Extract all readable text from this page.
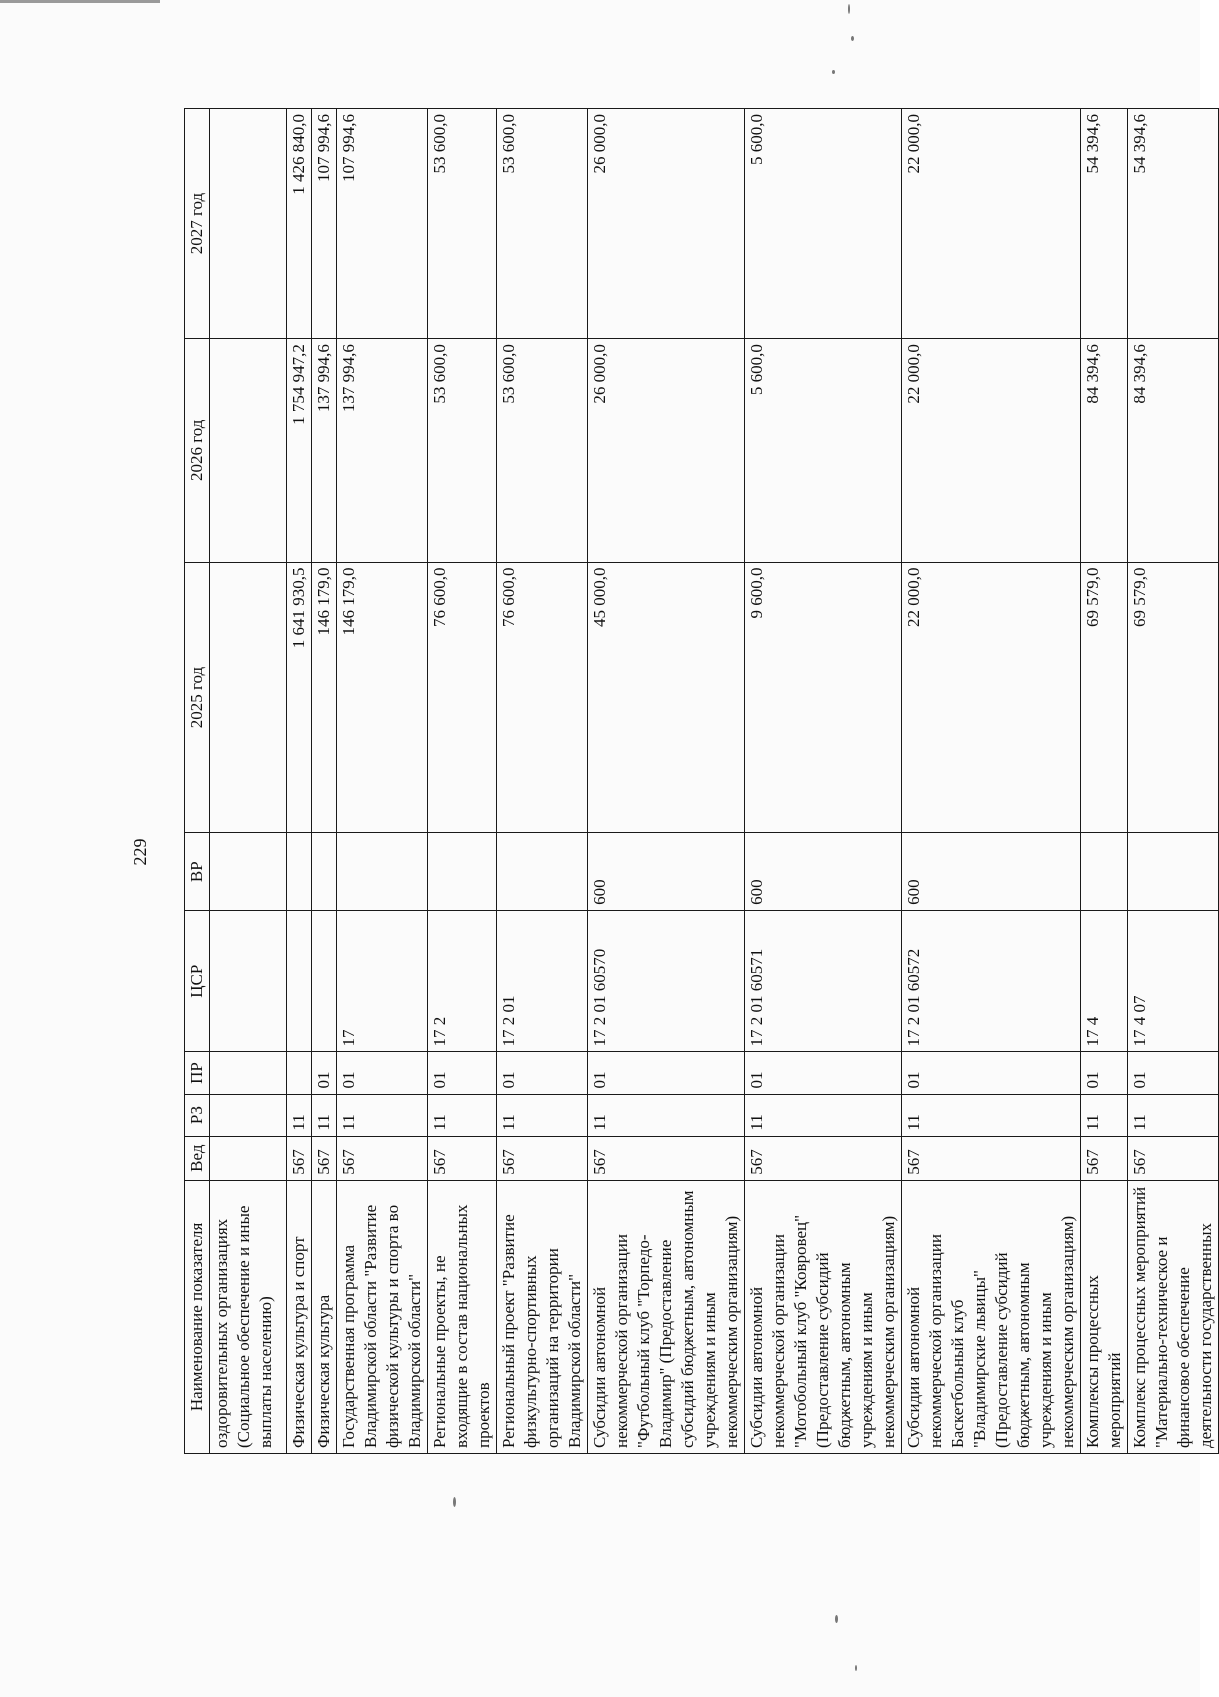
229
Наименование показателя	Вед	РЗ	ПР	ЦСР	ВР	2025 год	2026 год	2027 год
оздоровительных организациях (Социальное обеспечение и иные выплаты населению)								
Физическая культура и спорт	567	11				1 641 930,5	1 754 947,2	1 426 840,0
Физическая культура	567	11	01			146 179,0	137 994,6	107 994,6
Государственная программа Владимирской области "Развитие физической культуры и спорта во Владимирской области"	567	11	01	17		146 179,0	137 994,6	107 994,6
Региональные проекты, не входящие в состав национальных проектов	567	11	01	17 2		76 600,0	53 600,0	53 600,0
Региональный проект "Развитие физкультурно-спортивных организаций на территории Владимирской области"	567	11	01	17 2 01		76 600,0	53 600,0	53 600,0
Субсидии автономной некоммерческой организации "Футбольный клуб "Торпедо-Владимир" (Предоставление субсидий бюджетным, автономным учреждениям и иным некоммерческим организациям)	567	11	01	17 2 01 60570	600	45 000,0	26 000,0	26 000,0
Субсидии автономной некоммерческой организации "Мотобольный клуб "Ковровец" (Предоставление субсидий бюджетным, автономным учреждениям и иным некоммерческим организациям)	567	11	01	17 2 01 60571	600	9 600,0	5 600,0	5 600,0
Субсидии автономной некоммерческой организации Баскетбольный клуб "Владимирские львицы" (Предоставление субсидий бюджетным, автономным учреждениям и иным некоммерческим организациям)	567	11	01	17 2 01 60572	600	22 000,0	22 000,0	22 000,0
Комплексы процессных мероприятий	567	11	01	17 4		69 579,0	84 394,6	54 394,6
Комплекс процессных мероприятий "Материально-техническое и финансовое обеспечение деятельности государственных	567	11	01	17 4 07		69 579,0	84 394,6	54 394,6
